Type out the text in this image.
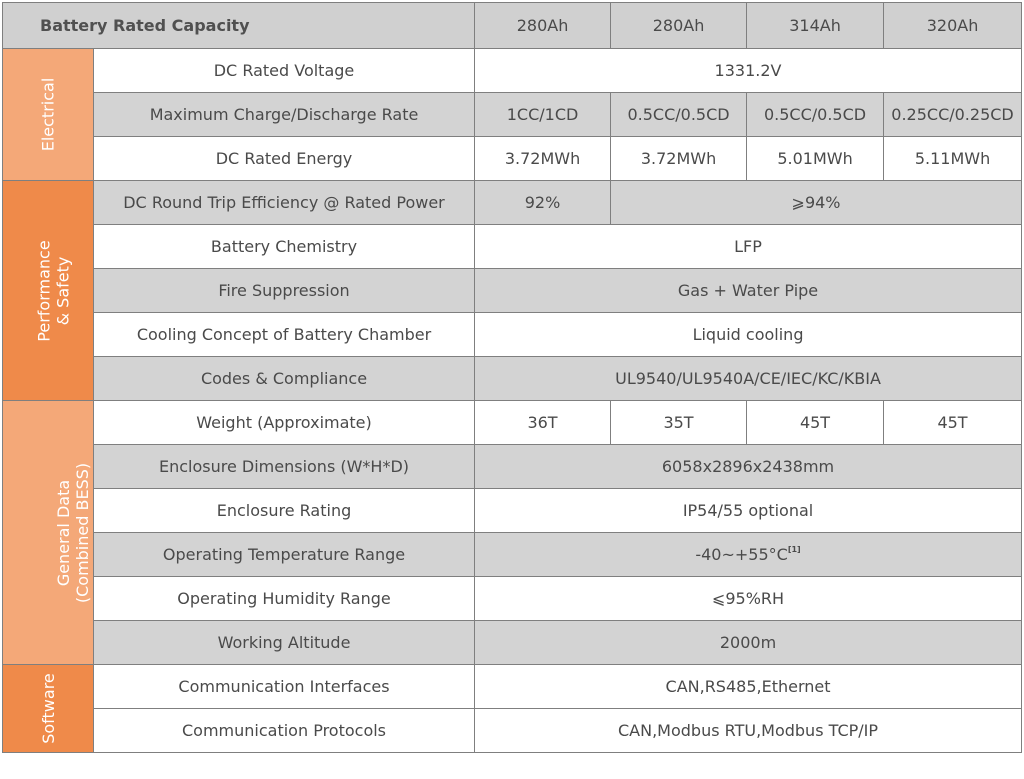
Battery Rated Capacity		280Ah	280Ah	314Ah	320Ah
Electrical	DC Rated Voltage	1331.2V			
	Maximum Charge/Discharge Rate	1CC/1CD	0.5CC/0.5CD	0.5CC/0.5CD	0.25CC/0.25CD
	DC Rated Energy	3.72MWh	3.72MWh	5.01MWh	5.11MWh
Performance
& Safety	DC Round Trip Efficiency @ Rated Power	92%	⩾94%		
	Battery Chemistry	LFP			
	Fire Suppression	Gas + Water Pipe			
	Cooling Concept of Battery Chamber	Liquid cooling			
	Codes & Compliance	UL9540/UL9540A/CE/IEC/KC/KBIA			
General Data
(Combined BESS)	Weight (Approximate)	36T	35T	45T	45T
	Enclosure Dimensions (W*H*D)	6058x2896x2438mm			
	Enclosure Rating	IP54/55 optional			
	Operating Temperature Range	-40~+55°C[1]
	Operating Humidity Range	⩽95%RH			
	Working Altitude	2000m			
Software	Communication Interfaces	CAN,RS485,Ethernet			
	Communication Protocols	CAN,Modbus RTU,Modbus TCP/IP			
